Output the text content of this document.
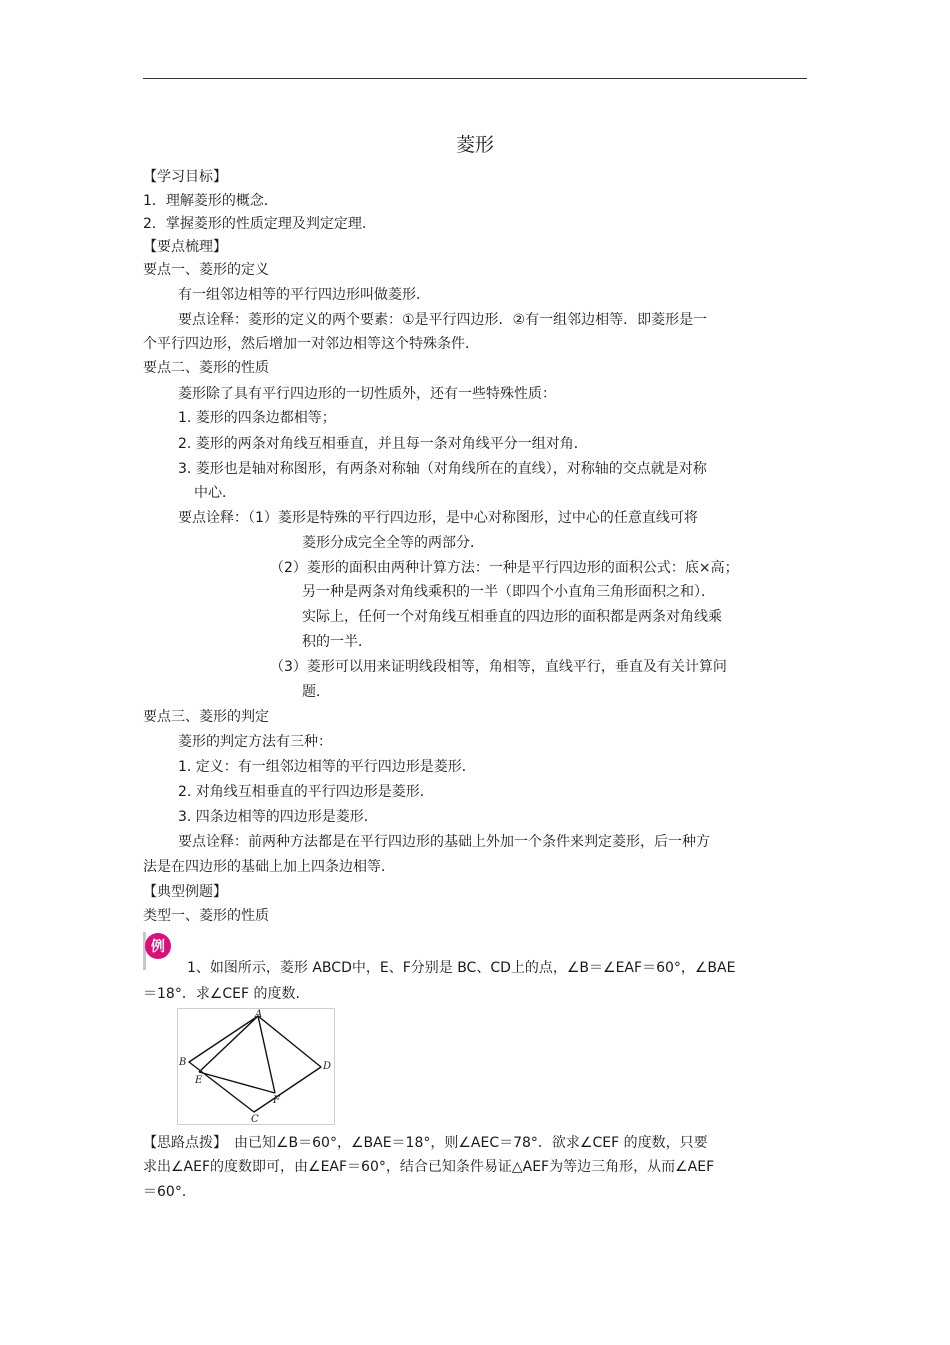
菱形
【学习目标】
1．理解菱形的概念．
2．掌握菱形的性质定理及判定定理.
【要点梳理】
要点一、菱形的定义
有一组邻边相等的平行四边形叫做菱形．
要点诠释：菱形的定义的两个要素：①是平行四边形．②有一组邻边相等．即菱形是一
个平行四边形，然后增加一对邻边相等这个特殊条件．
要点二、菱形的性质
菱形除了具有平行四边形的一切性质外，还有一些特殊性质：
1. 菱形的四条边都相等；
2. 菱形的两条对角线互相垂直，并且每一条对角线平分一组对角．
3. 菱形也是轴对称图形，有两条对称轴（对角线所在的直线），对称轴的交点就是对称
中心．
要点诠释：（1）菱形是特殊的平行四边形，是中心对称图形，过中心的任意直线可将
菱形分成完全全等的两部分．
（2）菱形的面积由两种计算方法：一种是平行四边形的面积公式：底×高；
另一种是两条对角线乘积的一半（即四个小直角三角形面积之和）．
实际上，任何一个对角线互相垂直的四边形的面积都是两条对角线乘
积的一半．
（3）菱形可以用来证明线段相等，角相等，直线平行，垂直及有关计算问
题．
要点三、菱形的判定
菱形的判定方法有三种：
1. 定义：有一组邻边相等的平行四边形是菱形．
2. 对角线互相垂直的平行四边形是菱形．
3. 四条边相等的四边形是菱形．
要点诠释：前两种方法都是在平行四边形的基础上外加一个条件来判定菱形，后一种方
法是在四边形的基础上加上四条边相等．
【典型例题】
类型一、菱形的性质
例
1、如图所示，菱形 ABCD中，E、F分别是 BC、CD上的点，∠B＝∠EAF＝60°，∠BAE
＝18°．求∠CEF 的度数.
A
B
C
D
E
F
【思路点拨】　由已知∠B＝60°，∠BAE＝18°，则∠AEC＝78°．欲求∠CEF 的度数，只要
求出∠AEF的度数即可，由∠EAF＝60°，结合已知条件易证△AEF为等边三角形，从而∠AEF
＝60°．
